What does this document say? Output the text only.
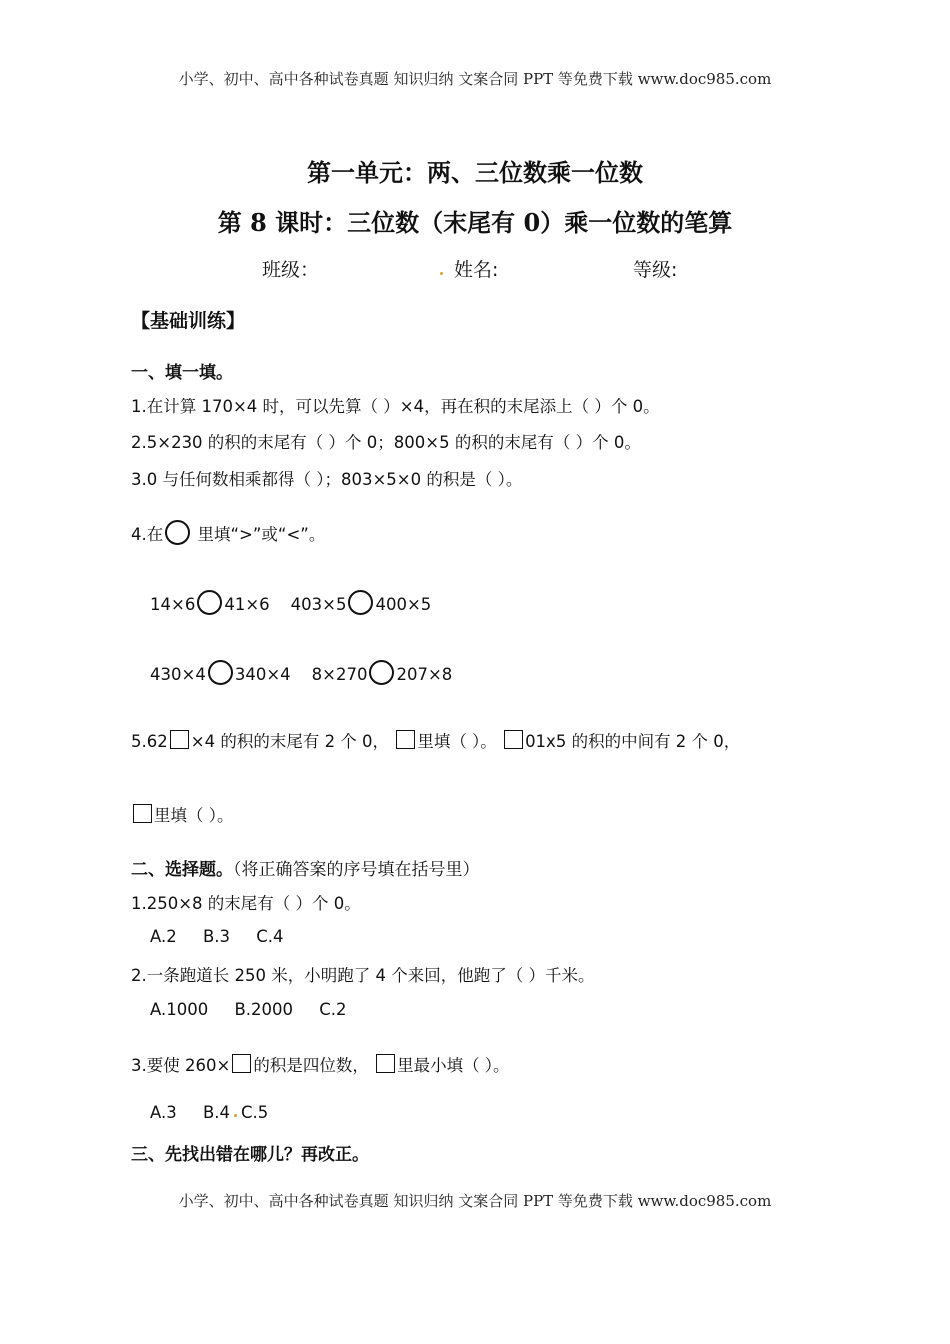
小学、初中、高中各种试卷真题 知识归纳 文案合同 PPT 等免费下载 www.doc985.com
第一单元：两、三位数乘一位数
第 8 课时：三位数（末尾有 0）乘一位数的笔算
班级：	姓名:	等级:
【基础训练】
一、填一填。
1.在计算 170×4 时，可以先算（ ）×4，再在积的末尾添上（ ）个 0。
2.5×230 的积的末尾有（ ）个 0；800×5 的积的末尾有（ ）个 0。
3.0 与任何数相乘都得（ ）；803×5×0 的积是（ ）。
4.在 里填“>”或“<”。
14×6 41×6 403×5 400×5
430×4 340×4 8×270 207×8
5.62 ×4 的积的末尾有 2 个 0， 里填（ ）。 01x5 的积的中间有 2 个 0，
里填（ ）。
二、选择题。（将正确答案的序号填在括号里）
1.250×8 的末尾有（ ）个 0。
A.2     B.3     C.4
2.一条跑道长 250 米，小明跑了 4 个来回，他跑了（ ）千米。
A.1000     B.2000     C.2
3.要使 260× 的积是四位数， 里最小填（ ）。
A.3     B.4 C.5
三、先找出错在哪儿？再改正。
小学、初中、高中各种试卷真题 知识归纳 文案合同 PPT 等免费下载 www.doc985.com
